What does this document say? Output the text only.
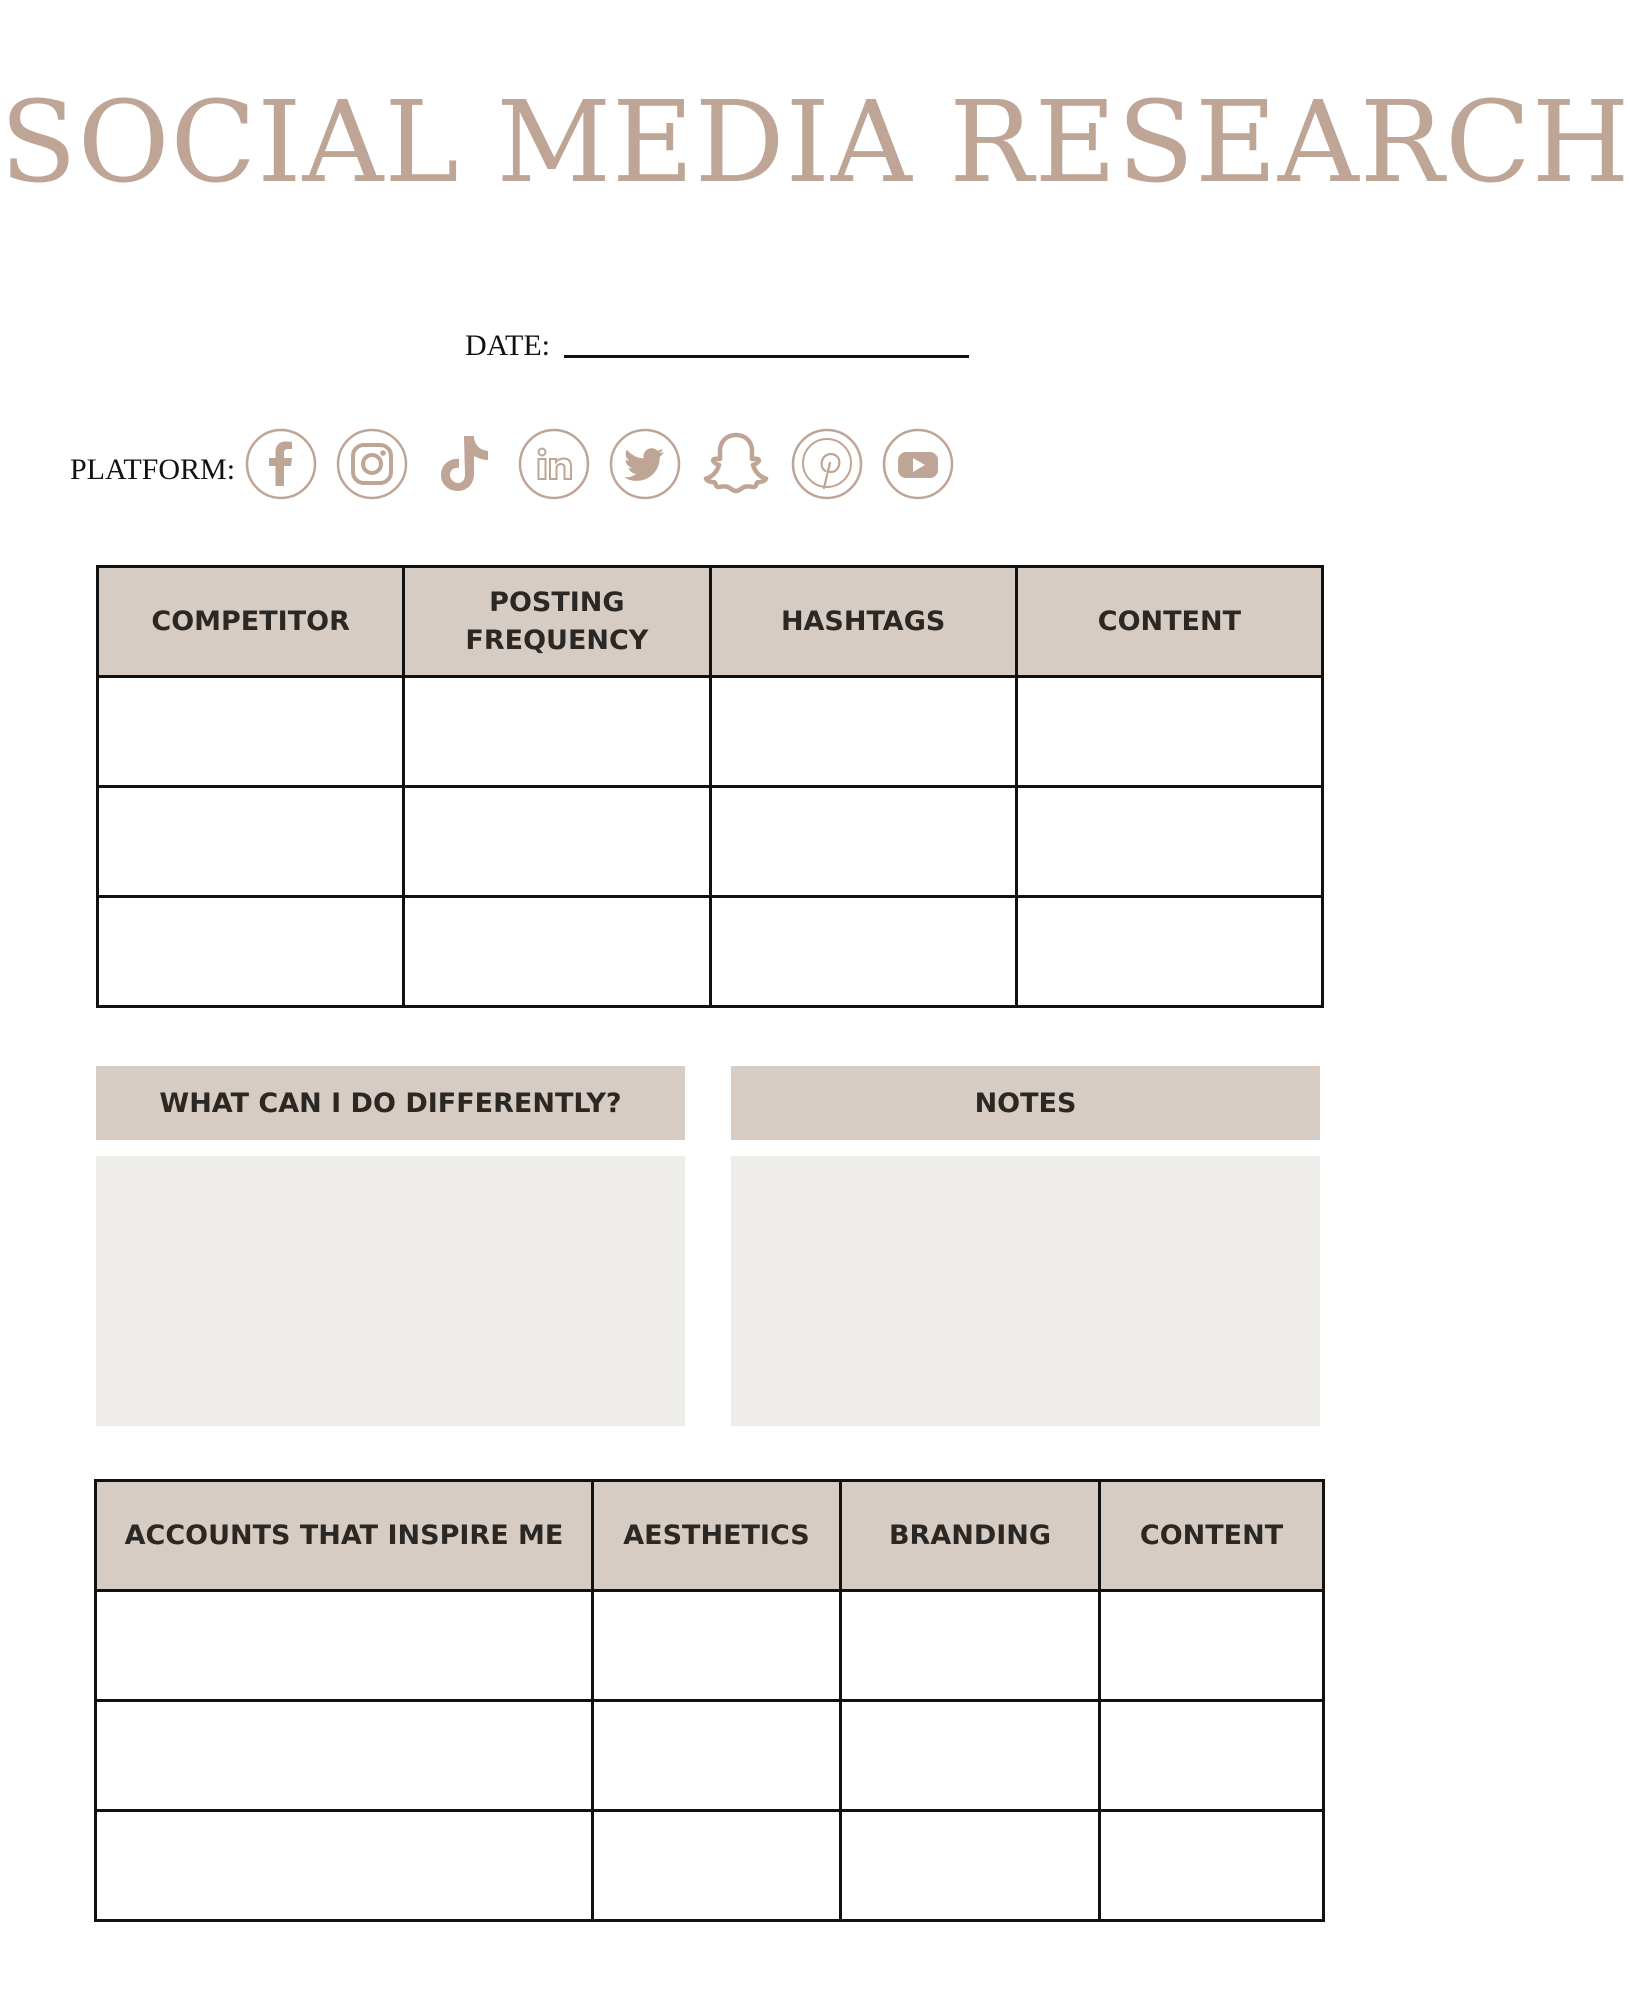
SOCIAL MEDIA RESEARCH
DATE:
PLATFORM:
COMPETITOR	POSTING FREQUENCY	HASHTAGS	CONTENT

WHAT CAN I DO DIFFERENTLY?	NOTES
ACCOUNTS THAT INSPIRE ME	AESTHETICS	BRANDING	CONTENT
